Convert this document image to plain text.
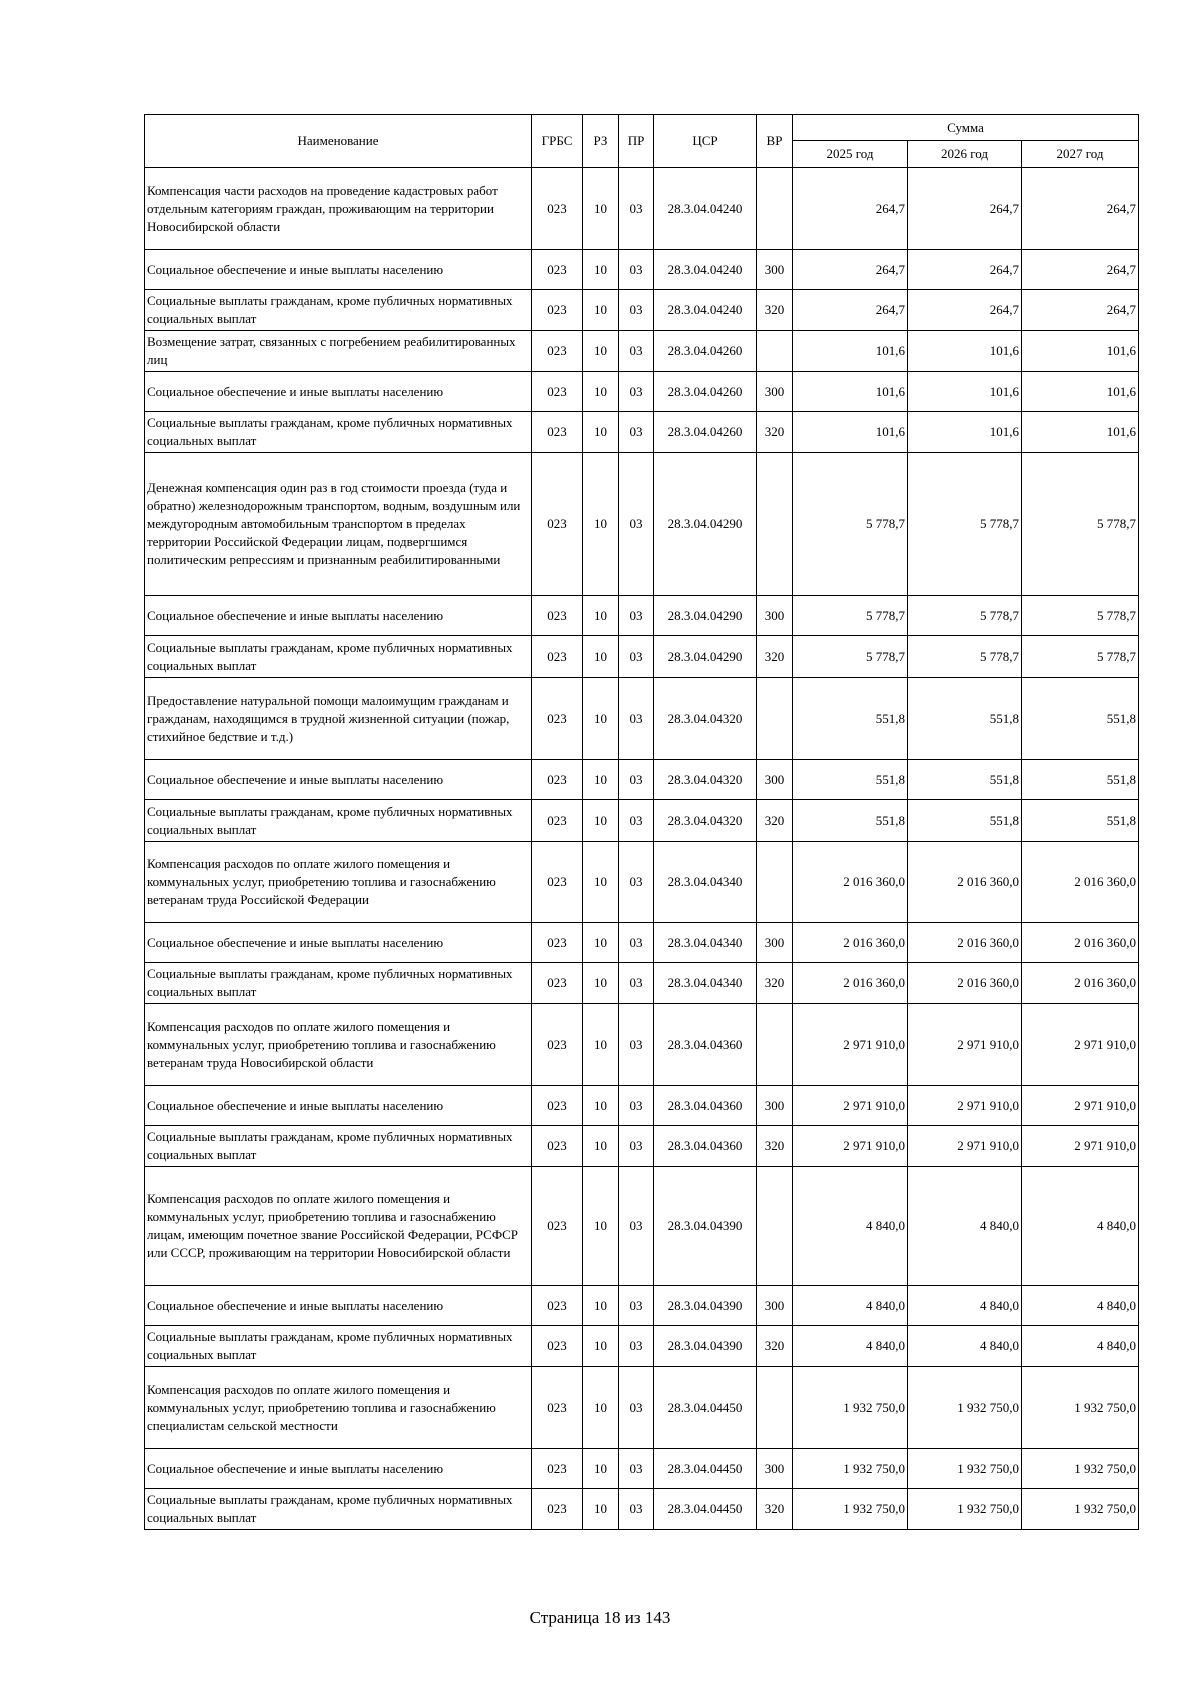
Наименование	ГРБС	РЗ	ПР	ЦСР	ВР	Сумма		
						2025 год	2026 год	2027 год
Компенсация части расходов на проведение кадастровых работ отдельным категориям граждан, проживающим на территории Новосибирской области	023	10	03	28.3.04.04240		264,7	264,7	264,7
Социальное обеспечение и иные выплаты населению	023	10	03	28.3.04.04240	300	264,7	264,7	264,7
Социальные выплаты гражданам, кроме публичных нормативных социальных выплат	023	10	03	28.3.04.04240	320	264,7	264,7	264,7
Возмещение затрат, связанных с погребением реабилитированных лиц	023	10	03	28.3.04.04260		101,6	101,6	101,6
Социальное обеспечение и иные выплаты населению	023	10	03	28.3.04.04260	300	101,6	101,6	101,6
Социальные выплаты гражданам, кроме публичных нормативных социальных выплат	023	10	03	28.3.04.04260	320	101,6	101,6	101,6
Денежная компенсация один раз в год стоимости проезда (туда и обратно) железнодорожным транспортом, водным, воздушным или междугородным автомобильным транспортом в пределах территории Российской Федерации лицам, подвергшимся политическим репрессиям и признанным реабилитированными	023	10	03	28.3.04.04290		5 778,7	5 778,7	5 778,7
Социальное обеспечение и иные выплаты населению	023	10	03	28.3.04.04290	300	5 778,7	5 778,7	5 778,7
Социальные выплаты гражданам, кроме публичных нормативных социальных выплат	023	10	03	28.3.04.04290	320	5 778,7	5 778,7	5 778,7
Предоставление натуральной помощи малоимущим гражданам и гражданам, находящимся в трудной жизненной ситуации (пожар, стихийное бедствие и т.д.)	023	10	03	28.3.04.04320		551,8	551,8	551,8
Социальное обеспечение и иные выплаты населению	023	10	03	28.3.04.04320	300	551,8	551,8	551,8
Социальные выплаты гражданам, кроме публичных нормативных социальных выплат	023	10	03	28.3.04.04320	320	551,8	551,8	551,8
Компенсация расходов по оплате жилого помещения и коммунальных услуг, приобретению топлива и газоснабжению ветеранам труда Российской Федерации	023	10	03	28.3.04.04340		2 016 360,0	2 016 360,0	2 016 360,0
Социальное обеспечение и иные выплаты населению	023	10	03	28.3.04.04340	300	2 016 360,0	2 016 360,0	2 016 360,0
Социальные выплаты гражданам, кроме публичных нормативных социальных выплат	023	10	03	28.3.04.04340	320	2 016 360,0	2 016 360,0	2 016 360,0
Компенсация расходов по оплате жилого помещения и коммунальных услуг, приобретению топлива и газоснабжению ветеранам труда Новосибирской области	023	10	03	28.3.04.04360		2 971 910,0	2 971 910,0	2 971 910,0
Социальное обеспечение и иные выплаты населению	023	10	03	28.3.04.04360	300	2 971 910,0	2 971 910,0	2 971 910,0
Социальные выплаты гражданам, кроме публичных нормативных социальных выплат	023	10	03	28.3.04.04360	320	2 971 910,0	2 971 910,0	2 971 910,0
Компенсация расходов по оплате жилого помещения и коммунальных услуг, приобретению топлива и газоснабжению лицам, имеющим почетное звание Российской Федерации, РСФСР или СССР, проживающим на территории Новосибирской области	023	10	03	28.3.04.04390		4 840,0	4 840,0	4 840,0
Социальное обеспечение и иные выплаты населению	023	10	03	28.3.04.04390	300	4 840,0	4 840,0	4 840,0
Социальные выплаты гражданам, кроме публичных нормативных социальных выплат	023	10	03	28.3.04.04390	320	4 840,0	4 840,0	4 840,0
Компенсация расходов по оплате жилого помещения и коммунальных услуг, приобретению топлива и газоснабжению специалистам сельской местности	023	10	03	28.3.04.04450		1 932 750,0	1 932 750,0	1 932 750,0
Социальное обеспечение и иные выплаты населению	023	10	03	28.3.04.04450	300	1 932 750,0	1 932 750,0	1 932 750,0
Социальные выплаты гражданам, кроме публичных нормативных социальных выплат	023	10	03	28.3.04.04450	320	1 932 750,0	1 932 750,0	1 932 750,0
Страница 18 из 143
